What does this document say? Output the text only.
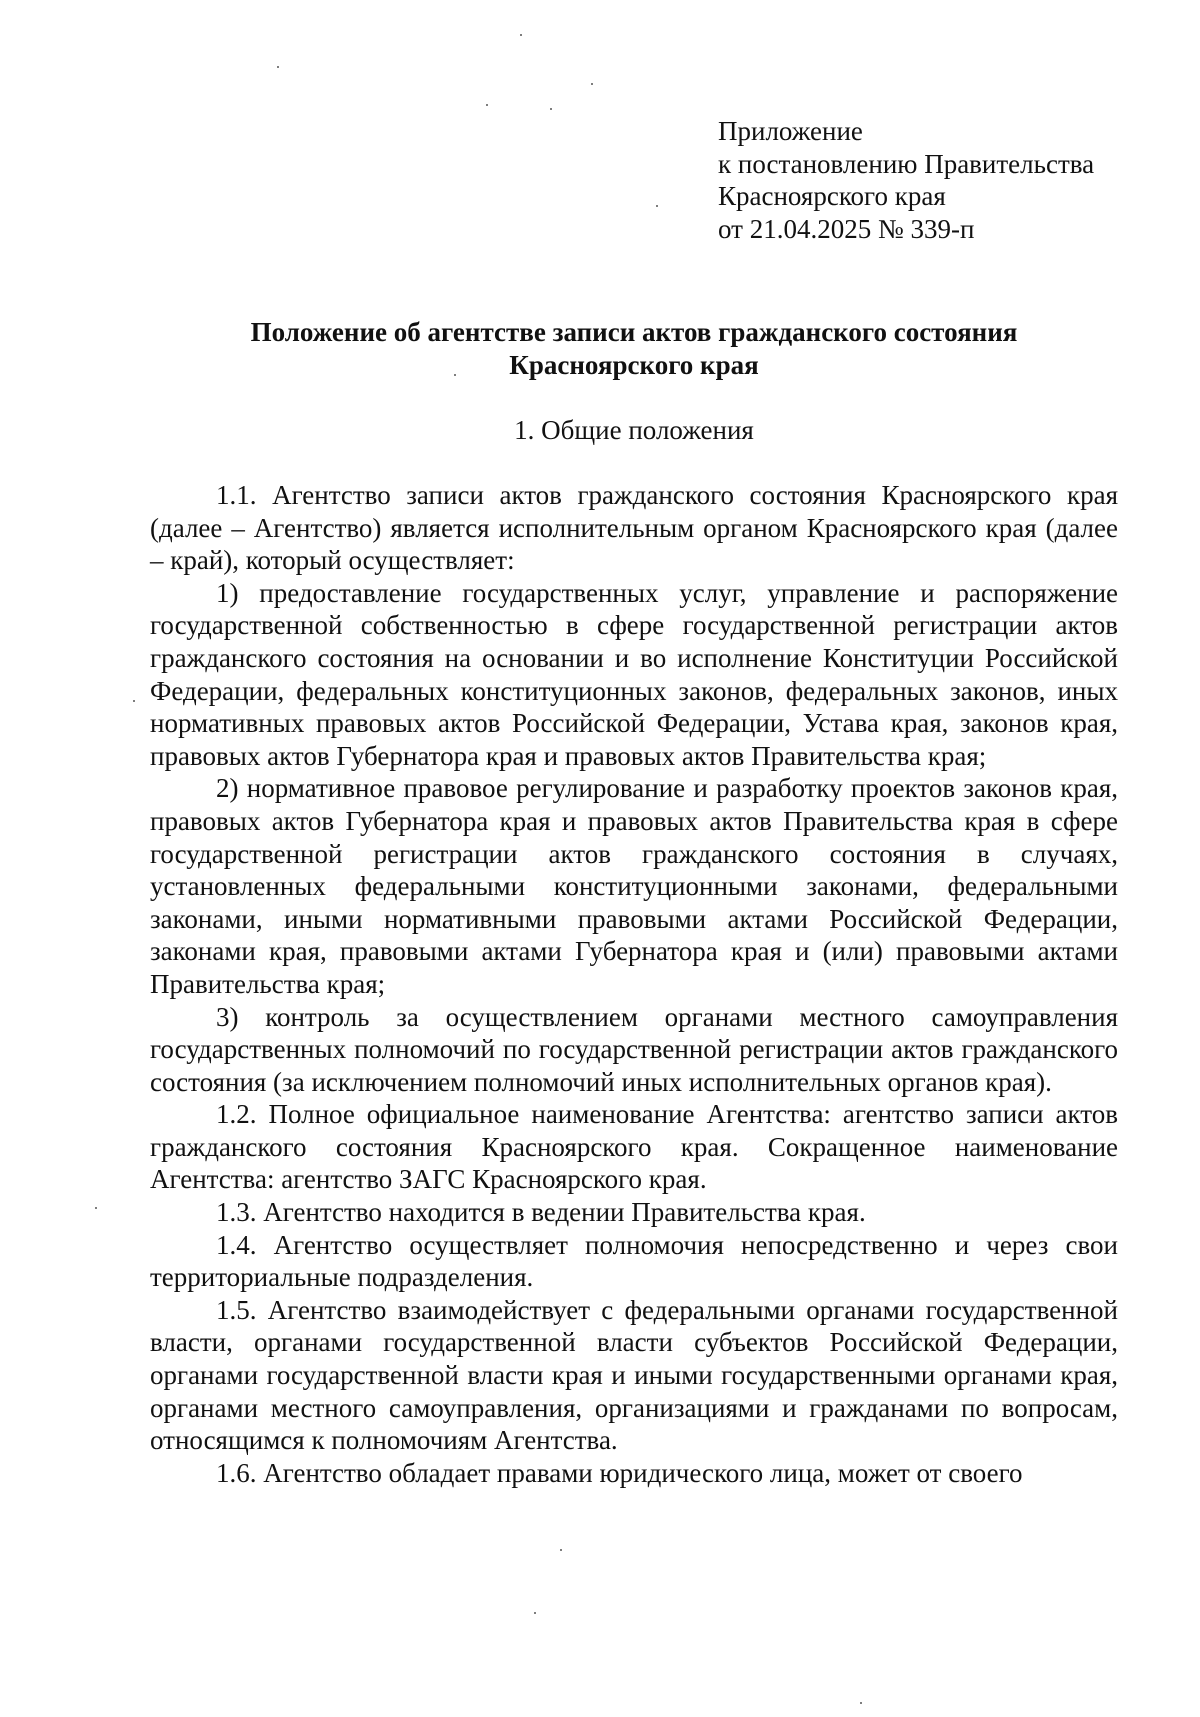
Приложение
к постановлению Правительства
Красноярского края
от 21.04.2025 № 339-п
Положение об агентстве записи актов гражданского состояния
Красноярского края
1. Общие положения

1.1. Агентство записи актов гражданского состояния Красноярского края (далее – Агентство) является исполнительным органом Красноярского края (далее – край), который осуществляет:

1) предоставление государственных услуг, управление и распоряжение государственной собственностью в сфере государственной регистрации актов гражданского состояния на основании и во исполнение Конституции Российской Федерации, федеральных конституционных законов, федеральных законов, иных нормативных правовых актов Российской Федерации, Устава края, законов края, правовых актов Губернатора края и правовых актов Правительства края;

2) нормативное правовое регулирование и разработку проектов законов края, правовых актов Губернатора края и правовых актов Правительства края в сфере государственной регистрации актов гражданского состояния в случаях, установленных федеральными конституционными законами, федеральными законами, иными нормативными правовыми актами Российской Федерации, законами края, правовыми актами Губернатора края и (или) правовыми актами Правительства края;

3) контроль за осуществлением органами местного самоуправления государственных полномочий по государственной регистрации актов гражданского состояния (за исключением полномочий иных исполнительных органов края).

1.2. Полное официальное наименование Агентства: агентство записи актов гражданского состояния Красноярского края. Сокращенное наименование Агентства: агентство ЗАГС Красноярского края.

1.3. Агентство находится в ведении Правительства края.

1.4. Агентство осуществляет полномочия непосредственно и через свои территориальные подразделения.

1.5. Агентство взаимодействует с федеральными органами государственной власти, органами государственной власти субъектов Российской Федерации, органами государственной власти края и иными государственными органами края, органами местного самоуправления, организациями и гражданами по вопросам, относящимся к полномочиям Агентства.

1.6. Агентство обладает правами юридического лица, может от своего
